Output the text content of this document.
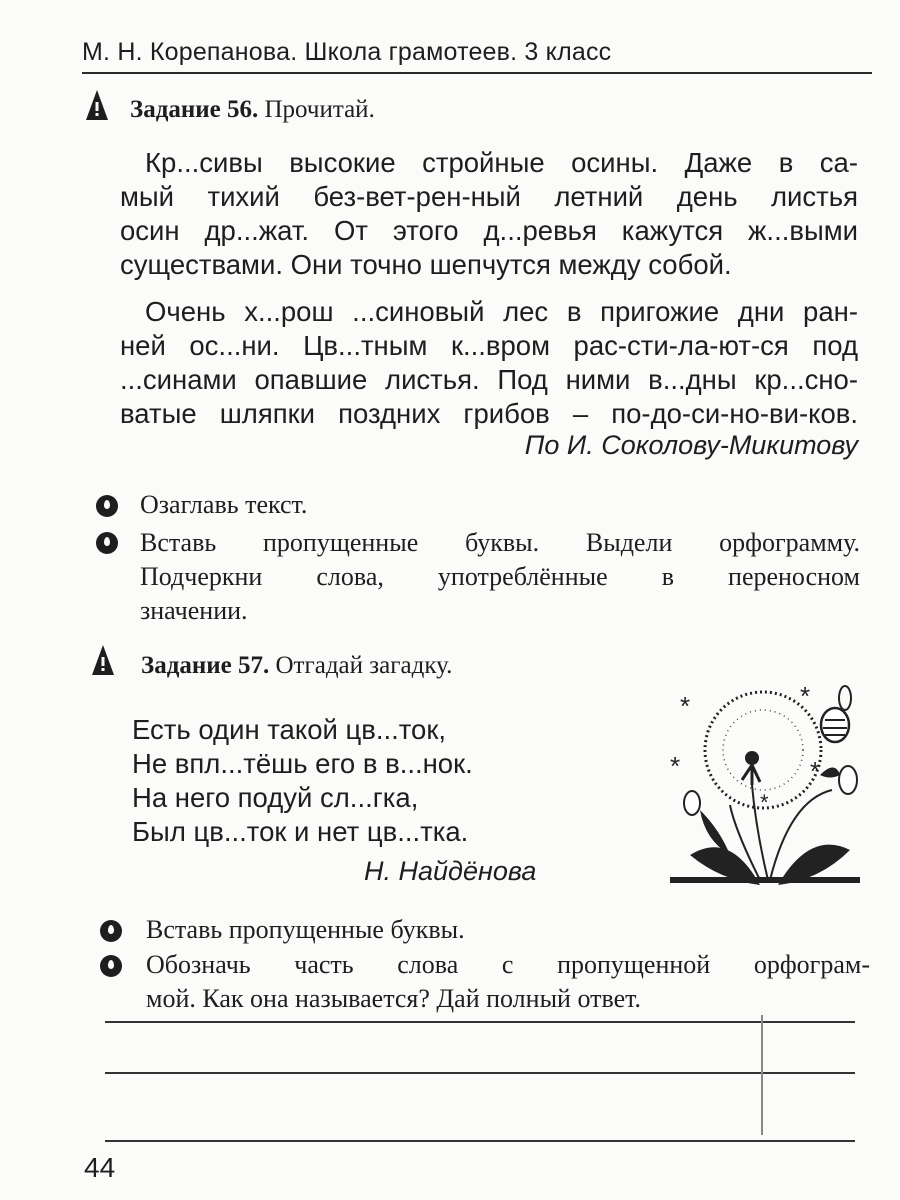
М. Н. Корепанова. Школа грамотеев. 3 класс
Задание 56. Прочитай.
Кр...сивы высокие стройные осины. Даже в са-
мый тихий без-вет-рен-ный летний день листья
осин др...жат. От этого д...ревья кажутся ж...выми
существами. Они точно шепчутся между собой.
Очень х...рош ...синовый лес в пригожие дни ран-
ней ос...ни. Цв...тным к...вром рас-сти-ла-ют-ся под
...синами опавшие листья. Под ними в...дны кр...сно-
ватые шляпки поздних грибов – по-до-си-но-ви-ков.
По И. Соколову-Микитову
Озаглавь текст.
Вставь пропущенные буквы. Выдели орфограмму.
Подчеркни слова, употреблённые в переносном
значении.
Задание 57. Отгадай загадку.
Есть один такой цв...ток,
Не впл...тёшь его в в...нок.
На него подуй сл...гка,
Был цв...ток и нет цв...тка.
Н. Найдёнова
*	*
*	*
*
Вставь пропущенные буквы.
Обозначь часть слова с пропущенной орфограм-
мой. Как она называется? Дай полный ответ.
44
